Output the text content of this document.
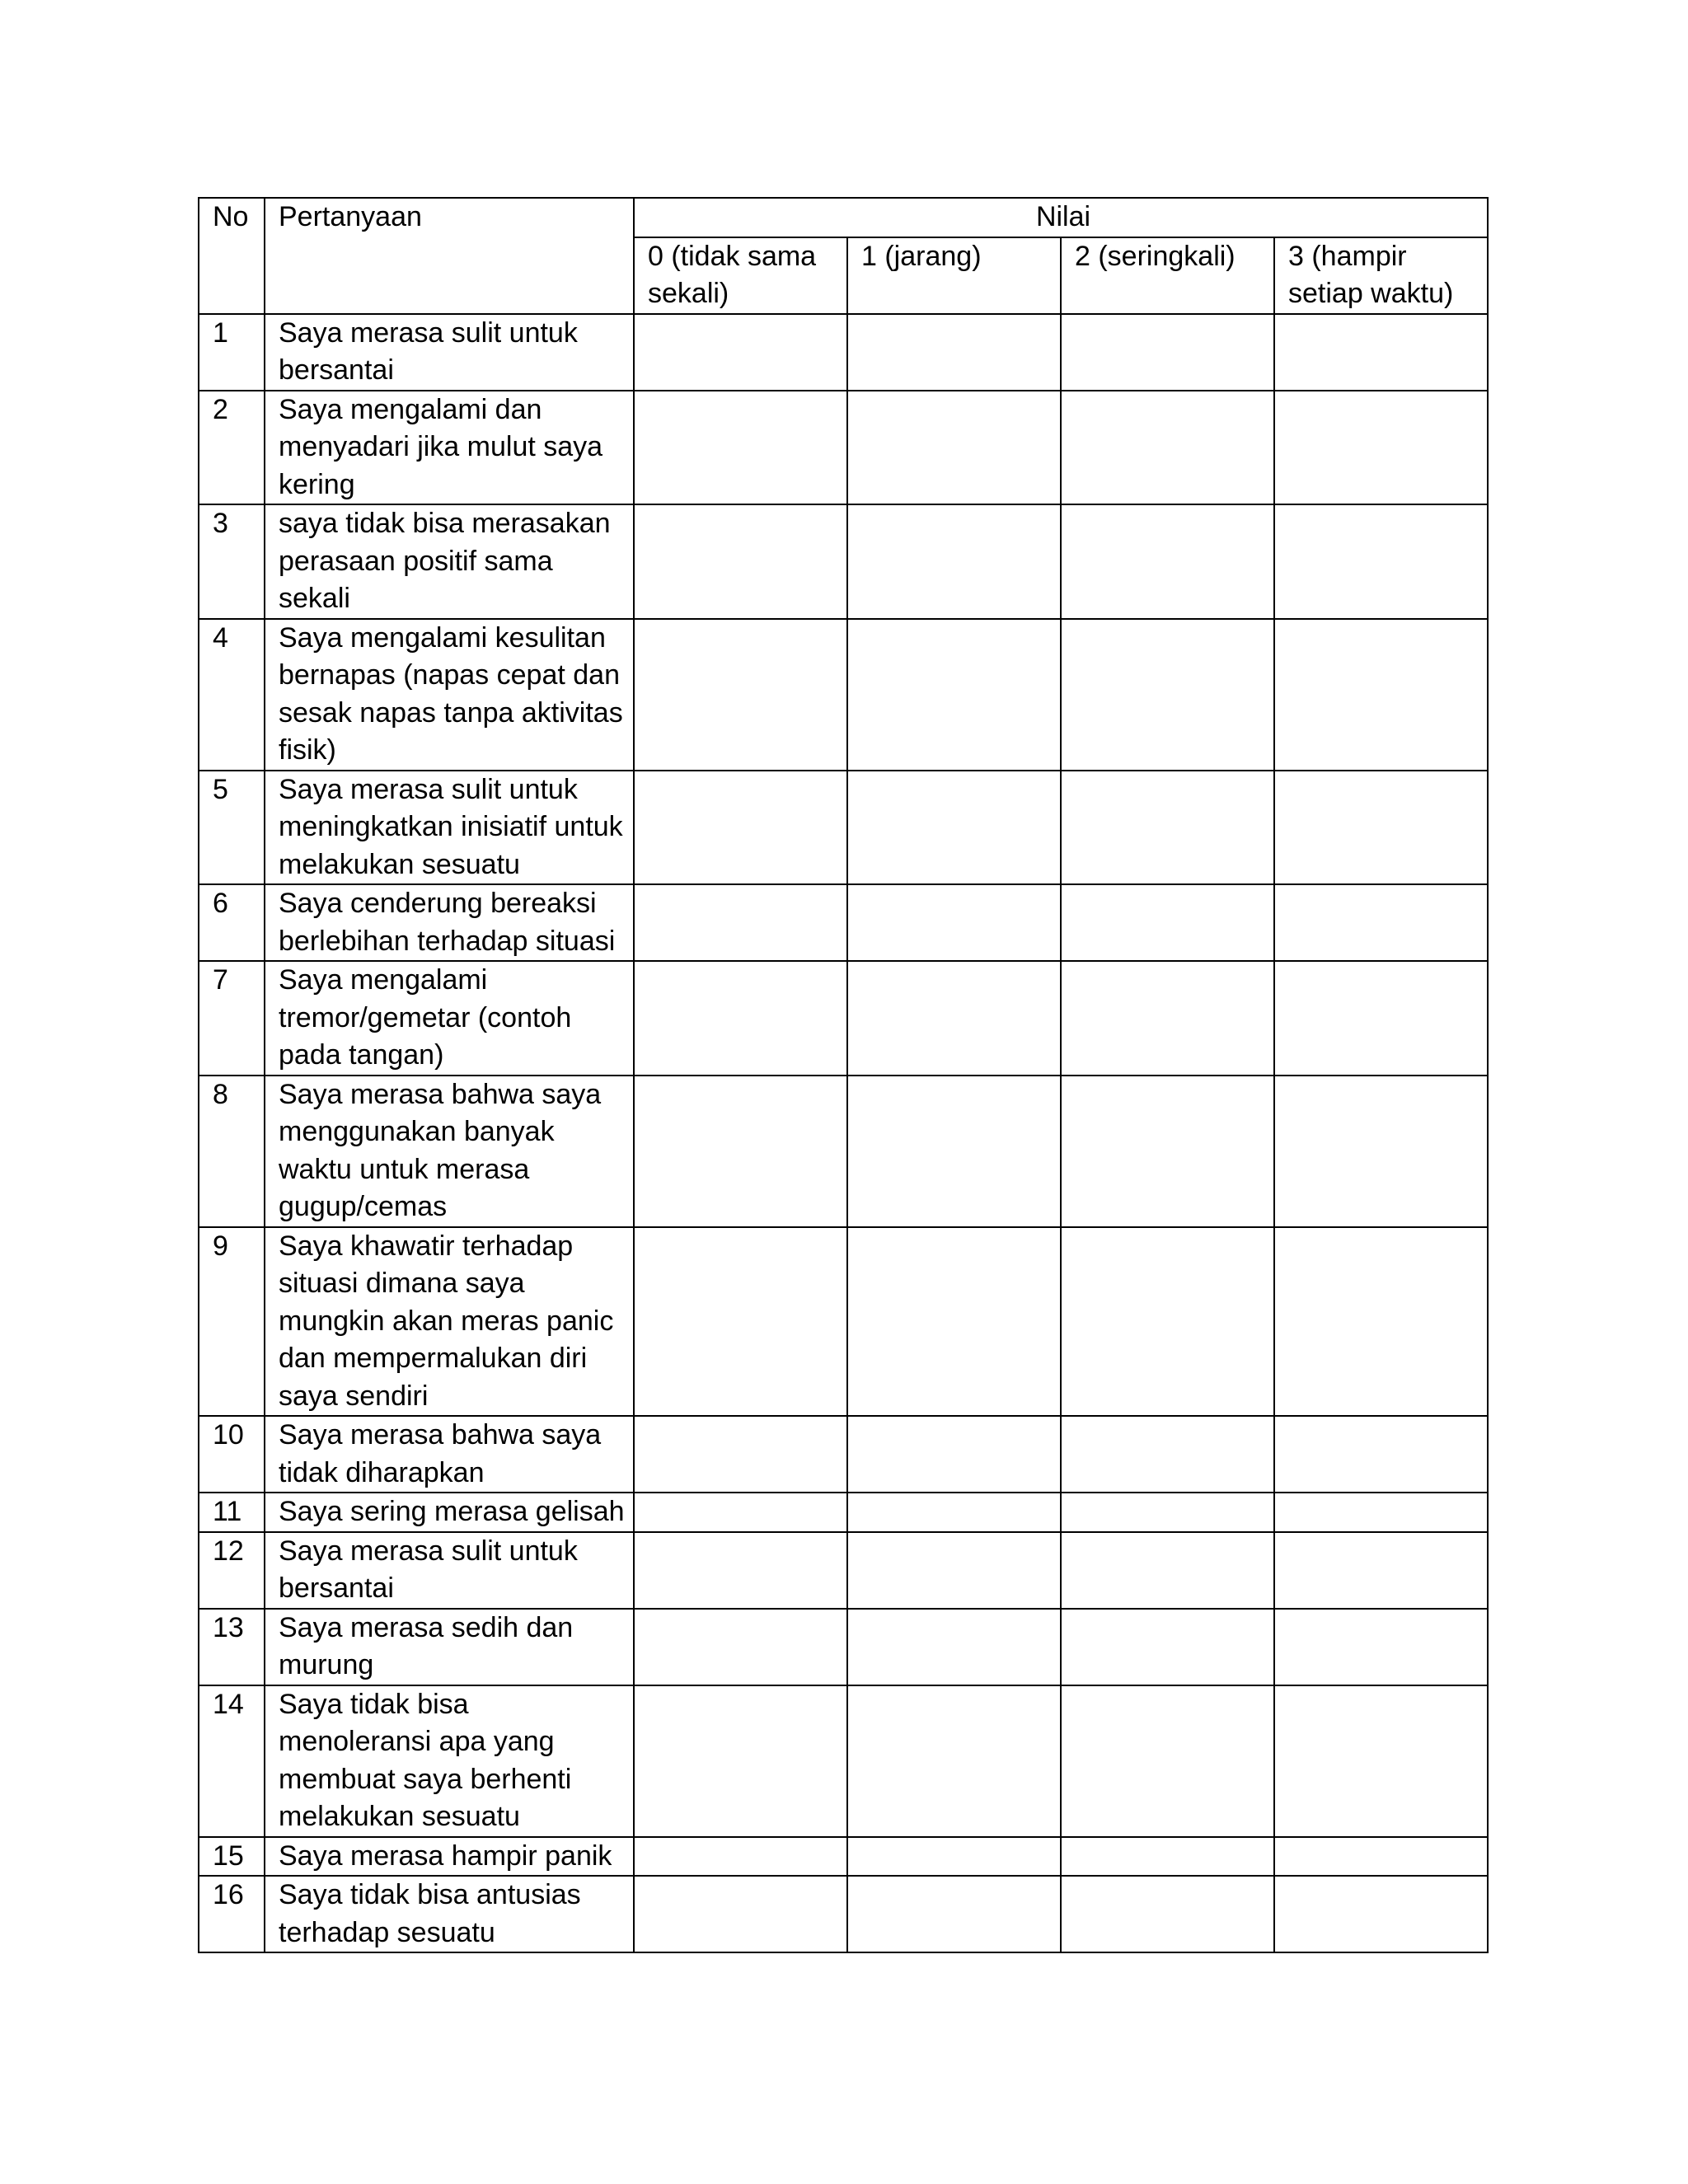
No	Pertanyaan	Nilai			
		0 (tidak sama sekali)	1 (jarang)	2 (seringkali)	3 (hampir setiap waktu)
1	Saya merasa sulit untuk bersantai				
2	Saya mengalami dan menyadari jika mulut saya kering				
3	saya tidak bisa merasakan perasaan positif sama sekali				
4	Saya mengalami kesulitan bernapas (napas cepat dan sesak napas tanpa aktivitas fisik)				
5	Saya merasa sulit untuk meningkatkan inisiatif untuk melakukan sesuatu				
6	Saya cenderung bereaksi berlebihan terhadap situasi				
7	Saya mengalami tremor/gemetar (contoh pada tangan)				
8	Saya merasa bahwa saya menggunakan banyak waktu untuk merasa gugup/cemas				
9	Saya khawatir terhadap situasi dimana saya mungkin akan meras panic dan mempermalukan diri saya sendiri				
10	Saya merasa bahwa saya tidak diharapkan				
11	Saya sering merasa gelisah				
12	Saya merasa sulit untuk bersantai				
13	Saya merasa sedih dan murung				
14	Saya tidak bisa menoleransi apa yang membuat saya berhenti melakukan sesuatu				
15	Saya merasa hampir panik				
16	Saya tidak bisa antusias terhadap sesuatu				
